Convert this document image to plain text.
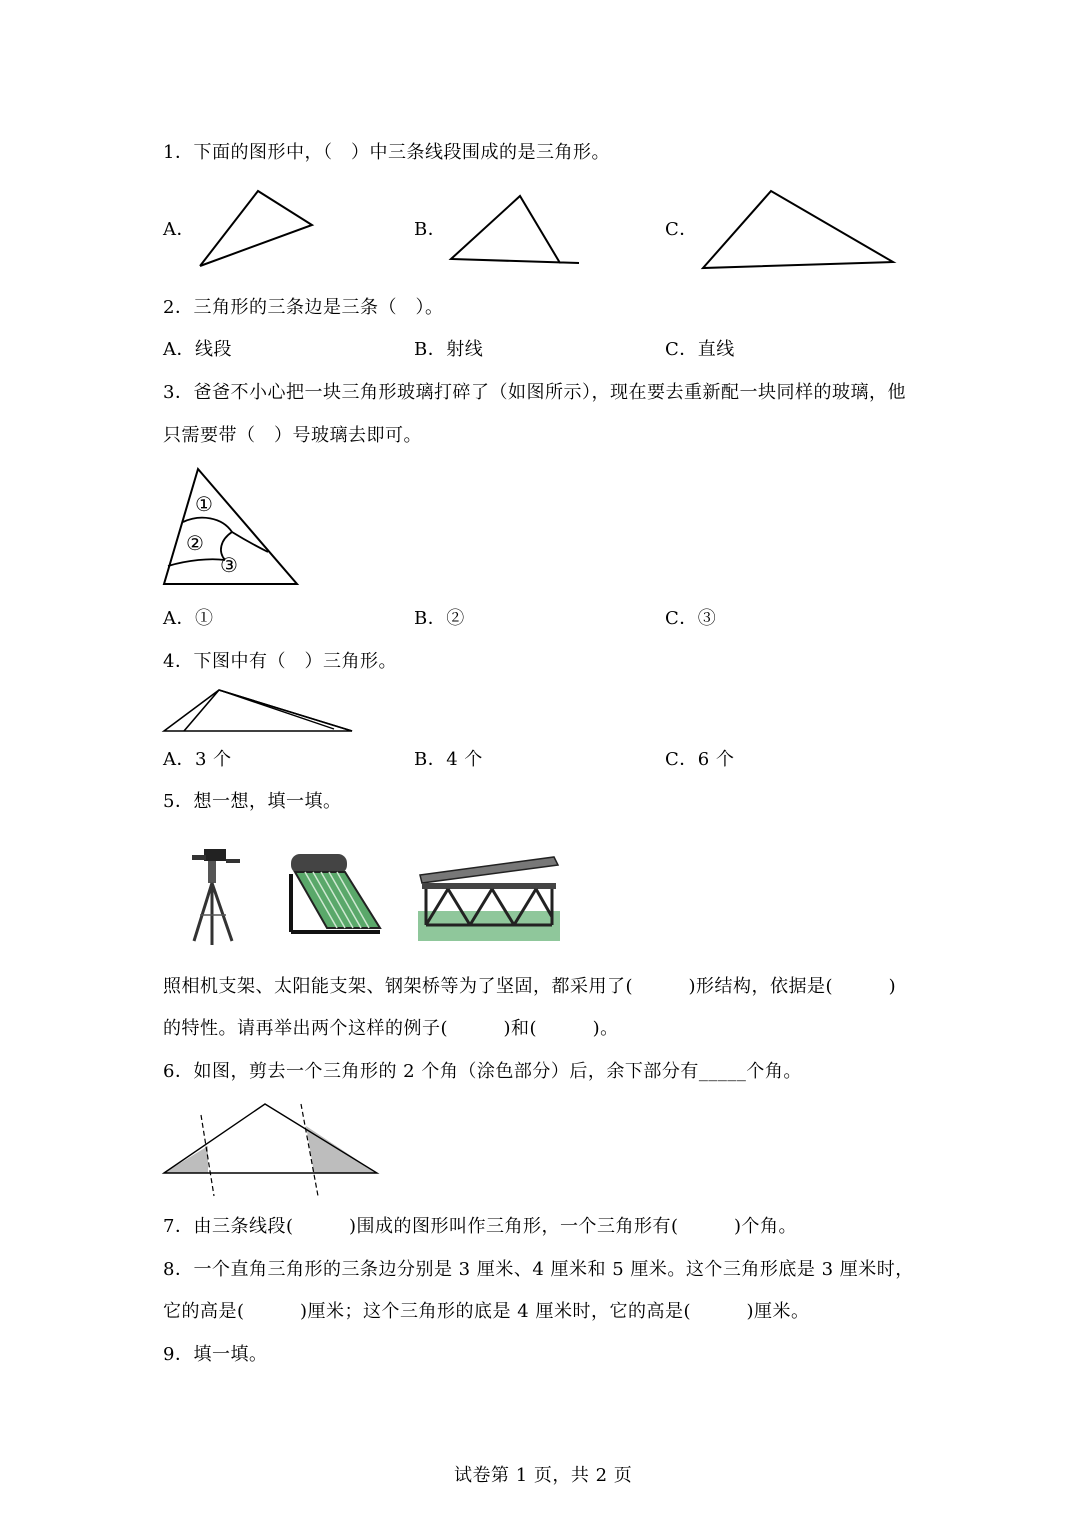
1．下面的图形中，（　）中三条线段围成的是三角形。
A．	B．	C．
2．三角形的三条边是三条（　）。
A．线段	B．射线	C．直线
3．爸爸不小心把一块三角形玻璃打碎了（如图所示），现在要去重新配一块同样的玻璃，他
只需要带（　）号玻璃去即可。
①
②
③
A．①	B．②	C．③
4．下图中有（　）三角形。
A．3 个	B．4 个	C．6 个
5．想一想，填一填。
照相机支架、太阳能支架、钢架桥等为了坚固，都采用了(　　　)形结构，依据是(　　　)
的特性。请再举出两个这样的例子(　　　)和(　　　)。
6．如图，剪去一个三角形的 2 个角（涂色部分）后，余下部分有_____个角。
7．由三条线段(　　　)围成的图形叫作三角形，一个三角形有(　　　)个角。
8．一个直角三角形的三条边分别是 3 厘米、4 厘米和 5 厘米。这个三角形底是 3 厘米时，
它的高是(　　　)厘米；这个三角形的底是 4 厘米时，它的高是(　　　)厘米。
9．填一填。
试卷第 1 页，共 2 页
